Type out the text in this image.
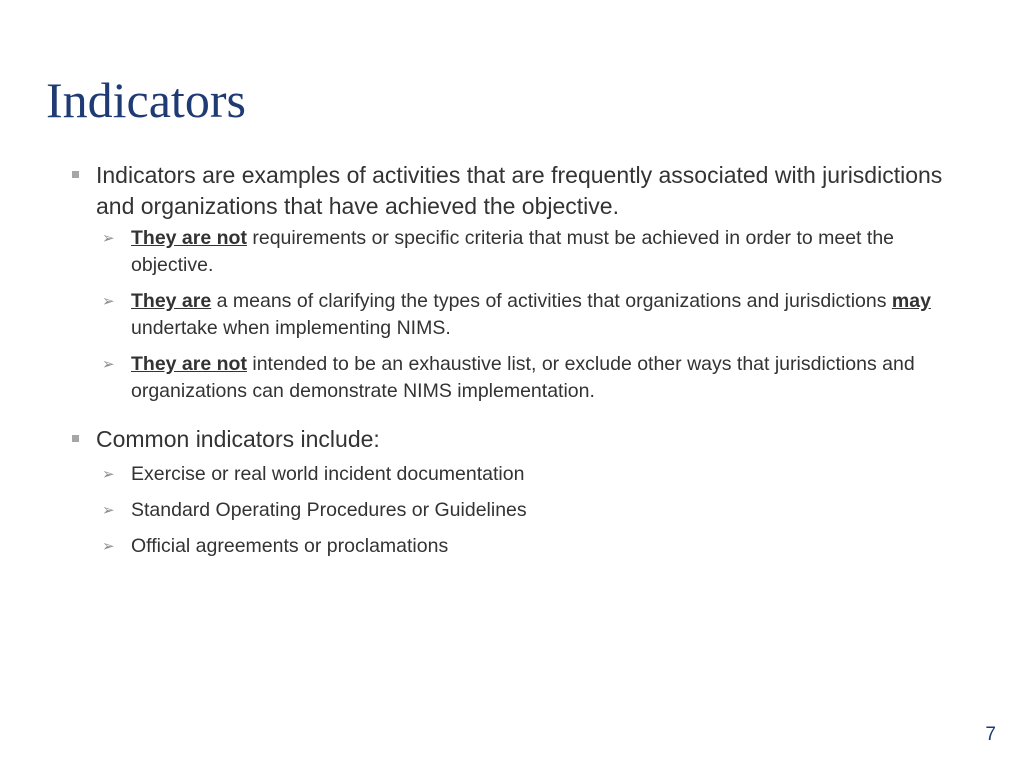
Indicators

Indicators are examples of activities that are frequently associated with jurisdictions and organizations that have achieved the objective.

➢ They are not requirements or specific criteria that must be achieved in order to meet the objective.

➢ They are a means of clarifying the types of activities that organizations and jurisdictions may undertake when implementing NIMS.

➢ They are not intended to be an exhaustive list, or exclude other ways that jurisdictions and organizations can demonstrate NIMS implementation.

Common indicators include:

➢ Exercise or real world incident documentation

➢ Standard Operating Procedures or Guidelines

➢ Official agreements or proclamations

7
